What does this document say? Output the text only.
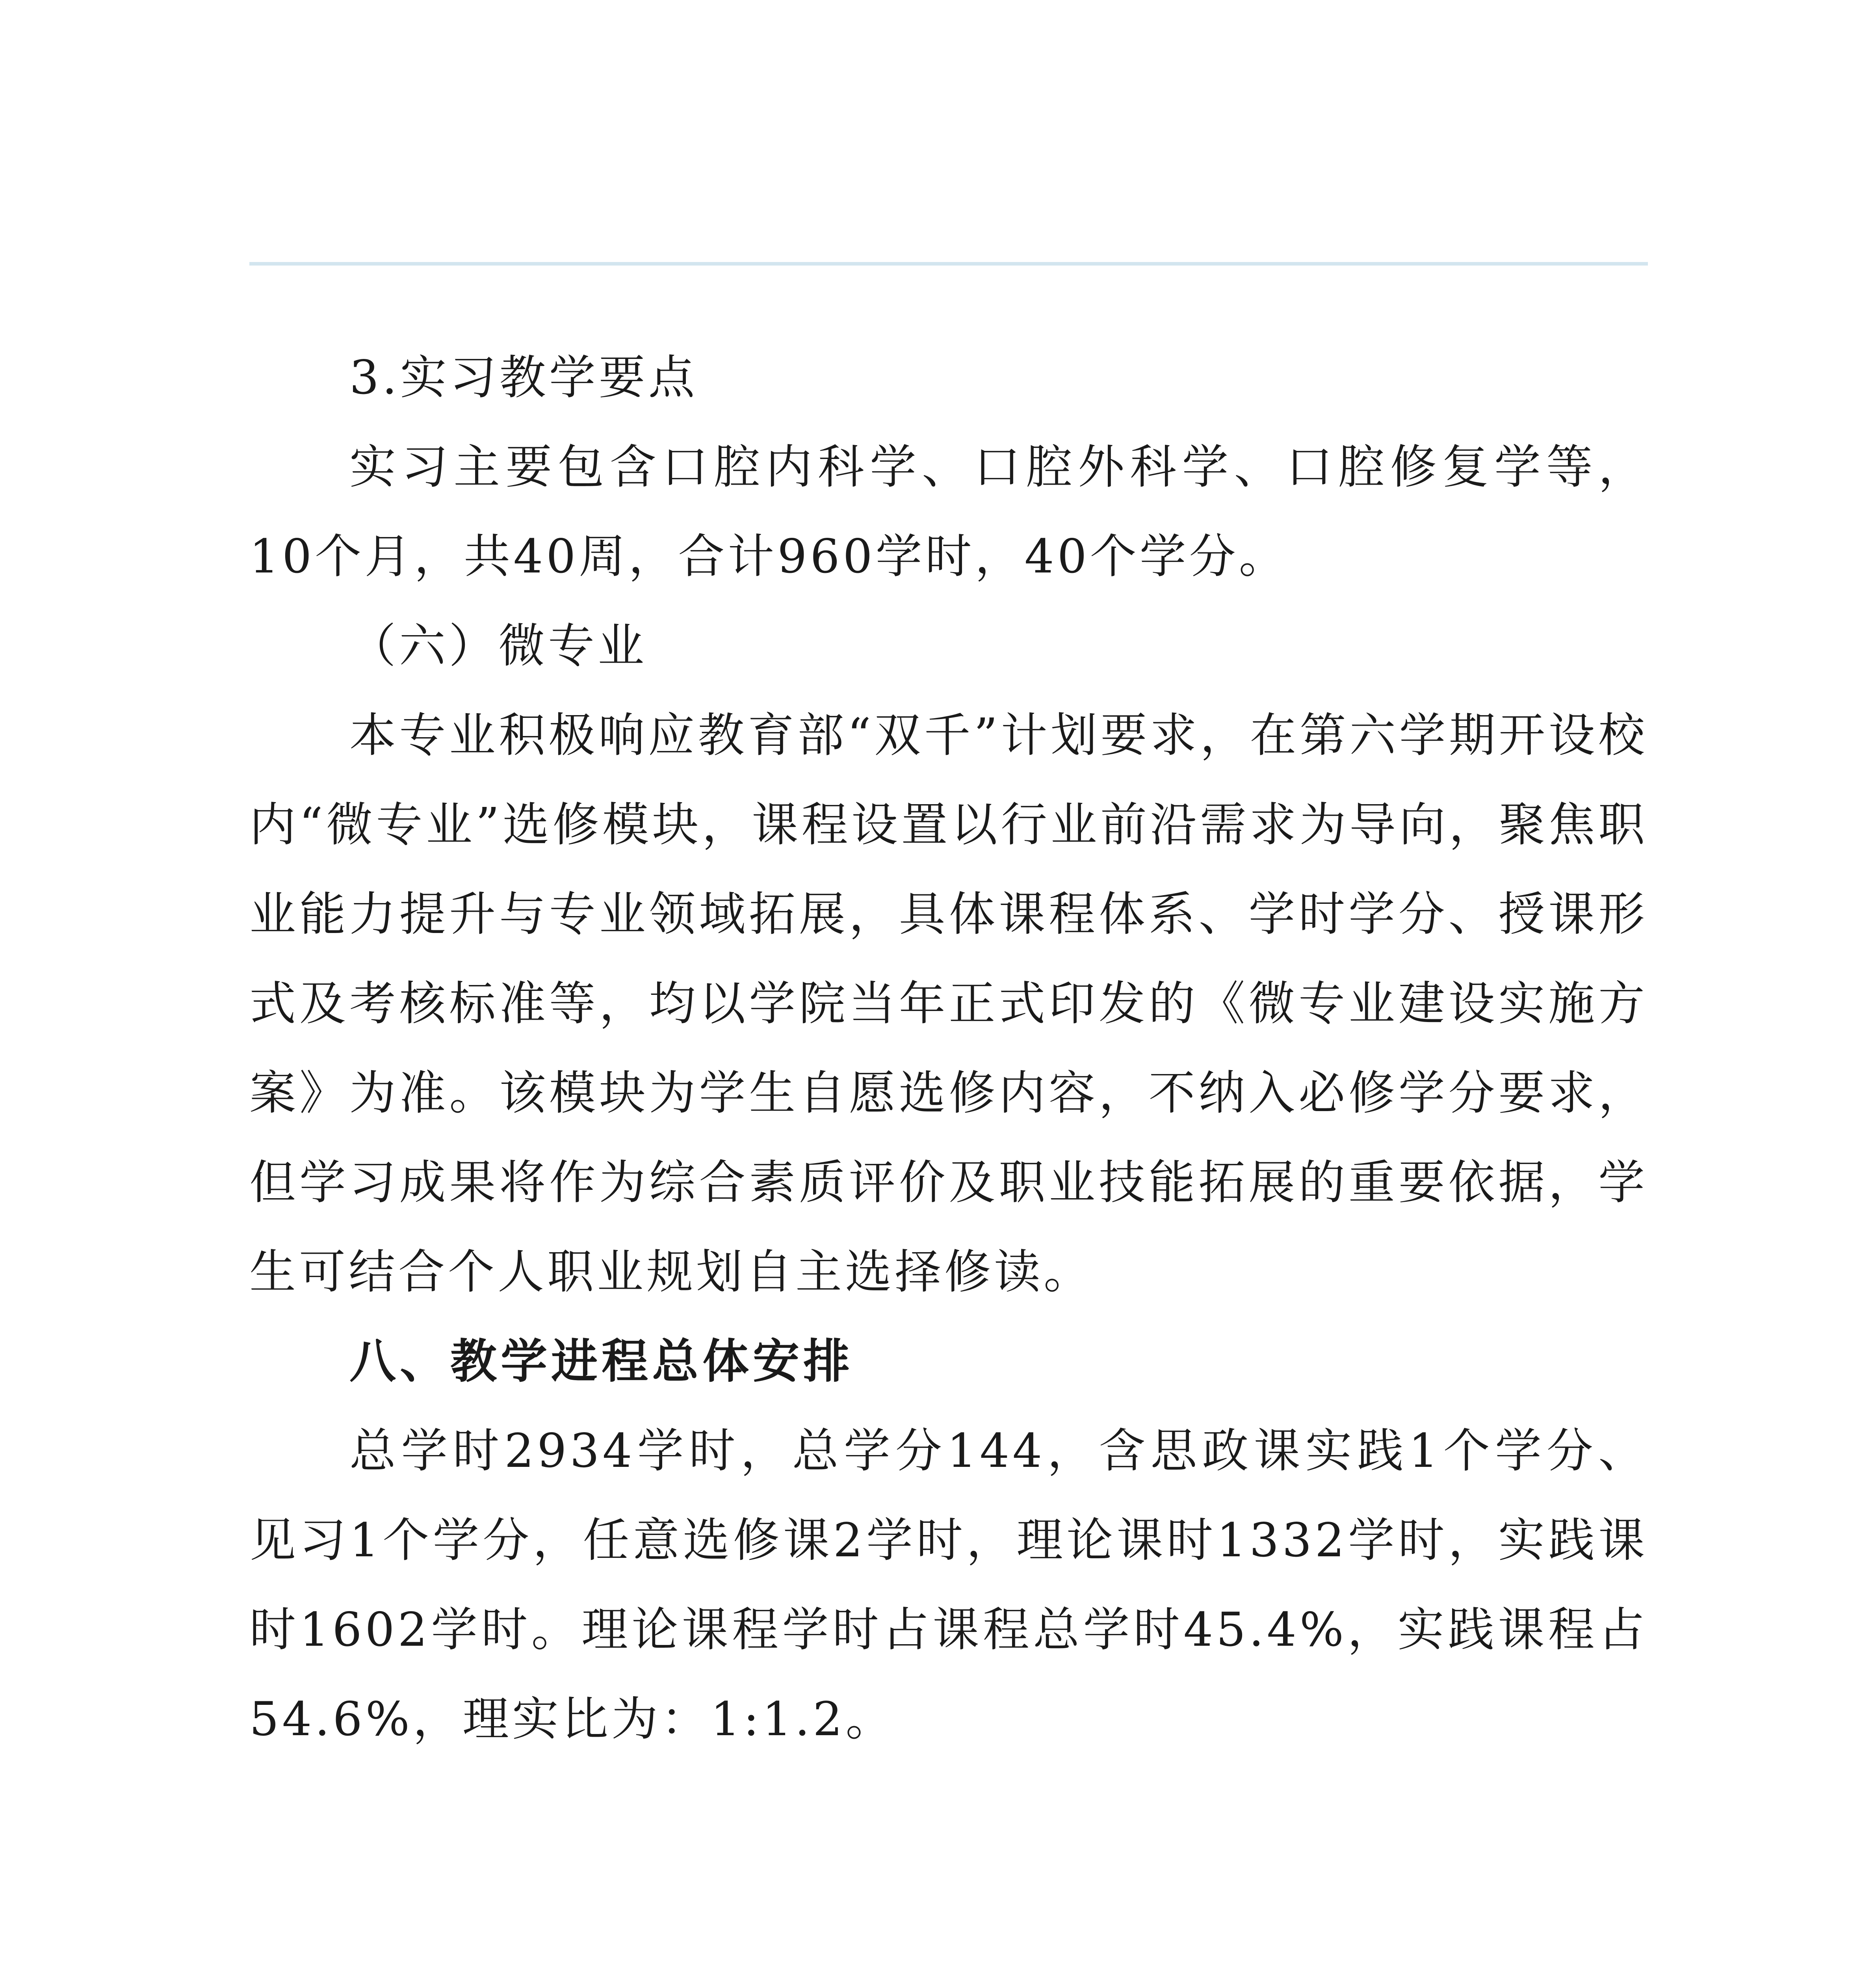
3.实习教学要点

实习主要包含口腔内科学、口腔外科学、口腔修复学等，10个月，共40周，合计960学时，40个学分。

（六）微专业

本专业积极响应教育部“双千”计划要求，在第六学期开设校内“微专业”选修模块，课程设置以行业前沿需求为导向，聚焦职业能力提升与专业领域拓展，具体课程体系、学时学分、授课形式及考核标准等，均以学院当年正式印发的《微专业建设实施方案》为准。该模块为学生自愿选修内容，不纳入必修学分要求，但学习成果将作为综合素质评价及职业技能拓展的重要依据，学生可结合个人职业规划自主选择修读。

八、教学进程总体安排

总学时2934学时，总学分144，含思政课实践1个学分、见习1个学分，任意选修课2学时，理论课时1332学时，实践课时1602学时。理论课程学时占课程总学时45.4%，实践课程占54.6%，理实比为：1:1.2。
